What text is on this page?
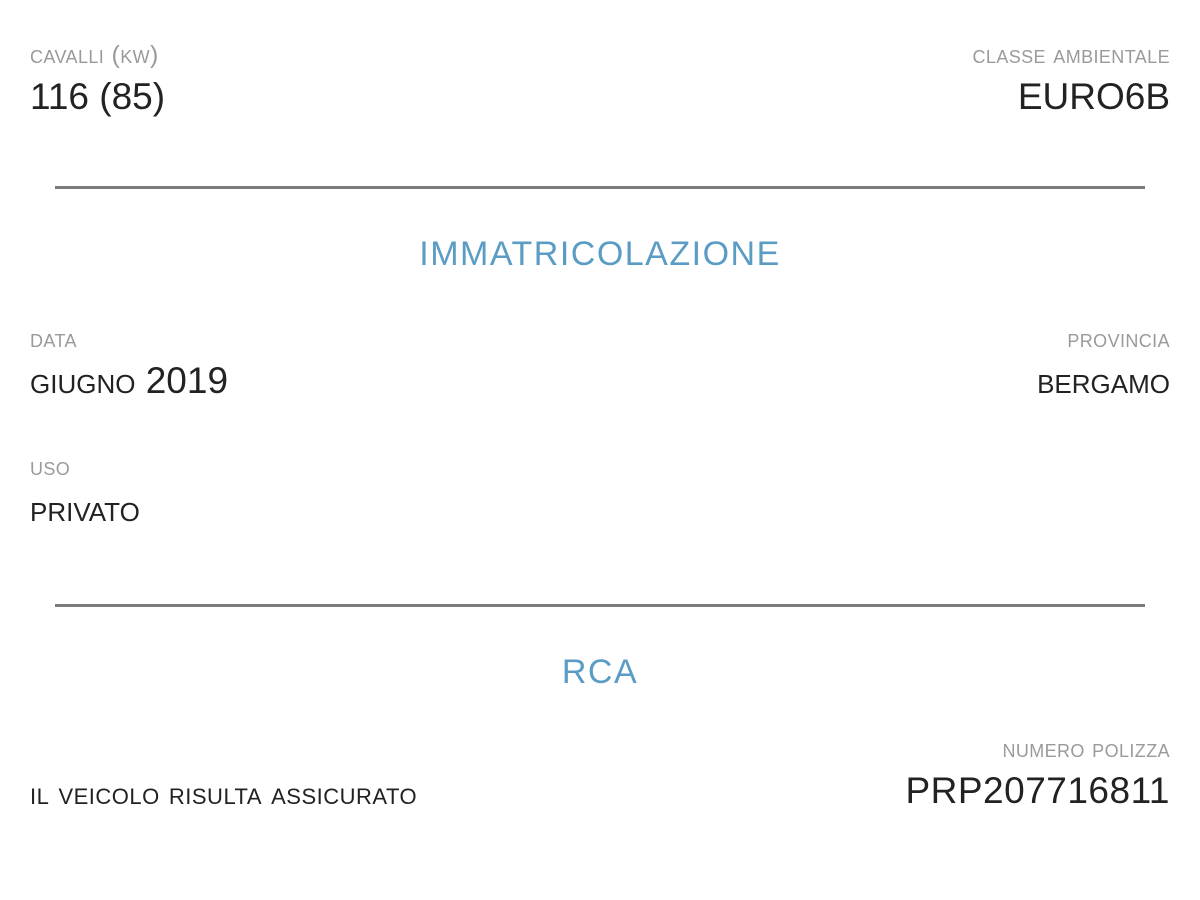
cavalli (kw)
116 (85)
classe ambientale
EURO6B
IMMATRICOLAZIONE
data
giugno 2019
provincia
bergamo
uso
privato
RCA
il veicolo risulta assicurato
numero polizza
PRP207716811
